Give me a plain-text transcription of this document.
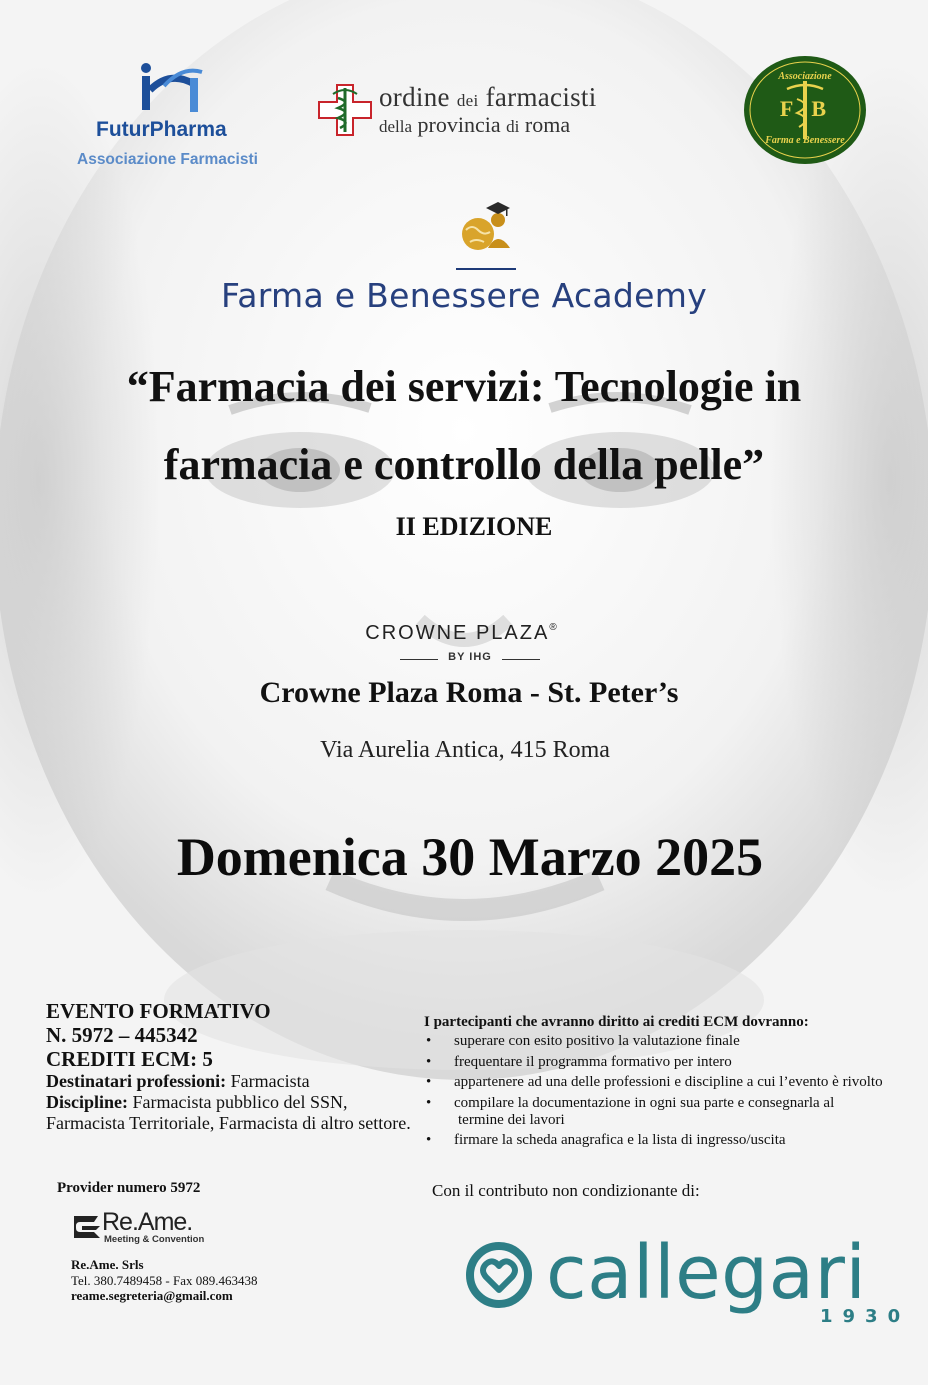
FuturPharma
Associazione Farmacisti
ordine dei farmacisti
della provincia di roma
Associazione
FB
Farma e Benessere
Farma e Benessere Academy
“Farmacia dei servizi: Tecnologie in
farmacia e controllo della pelle”
II EDIZIONE
CROWNE PLAZA®
BY IHG
Crowne Plaza Roma - St. Peter’s
Via Aurelia Antica, 415 Roma
Domenica 30 Marzo 2025
EVENTO FORMATIVO
N. 5972 – 445342
CREDITI ECM: 5
Destinatari professioni: Farmacista
Discipline: Farmacista pubblico del SSN, Farmacista Territoriale, Farmacista di altro settore.
Provider numero 5972
Re.Ame.
Meeting & Convention
Re.Ame. Srls
Tel. 380.7489458 - Fax 089.463438
reame.segreteria@gmail.com
I partecipanti che avranno diritto ai crediti ECM dovranno:
• superare con esito positivo la valutazione finale
• frequentare il programma formativo per intero
• appartenere ad una delle professioni e discipline a cui l’evento è rivolto
• compilare la documentazione in ogni sua parte e consegnarla al
termine dei lavori
• firmare la scheda anagrafica e la lista di ingresso/uscita
Con il contributo non condizionante di:
callegari
1930
